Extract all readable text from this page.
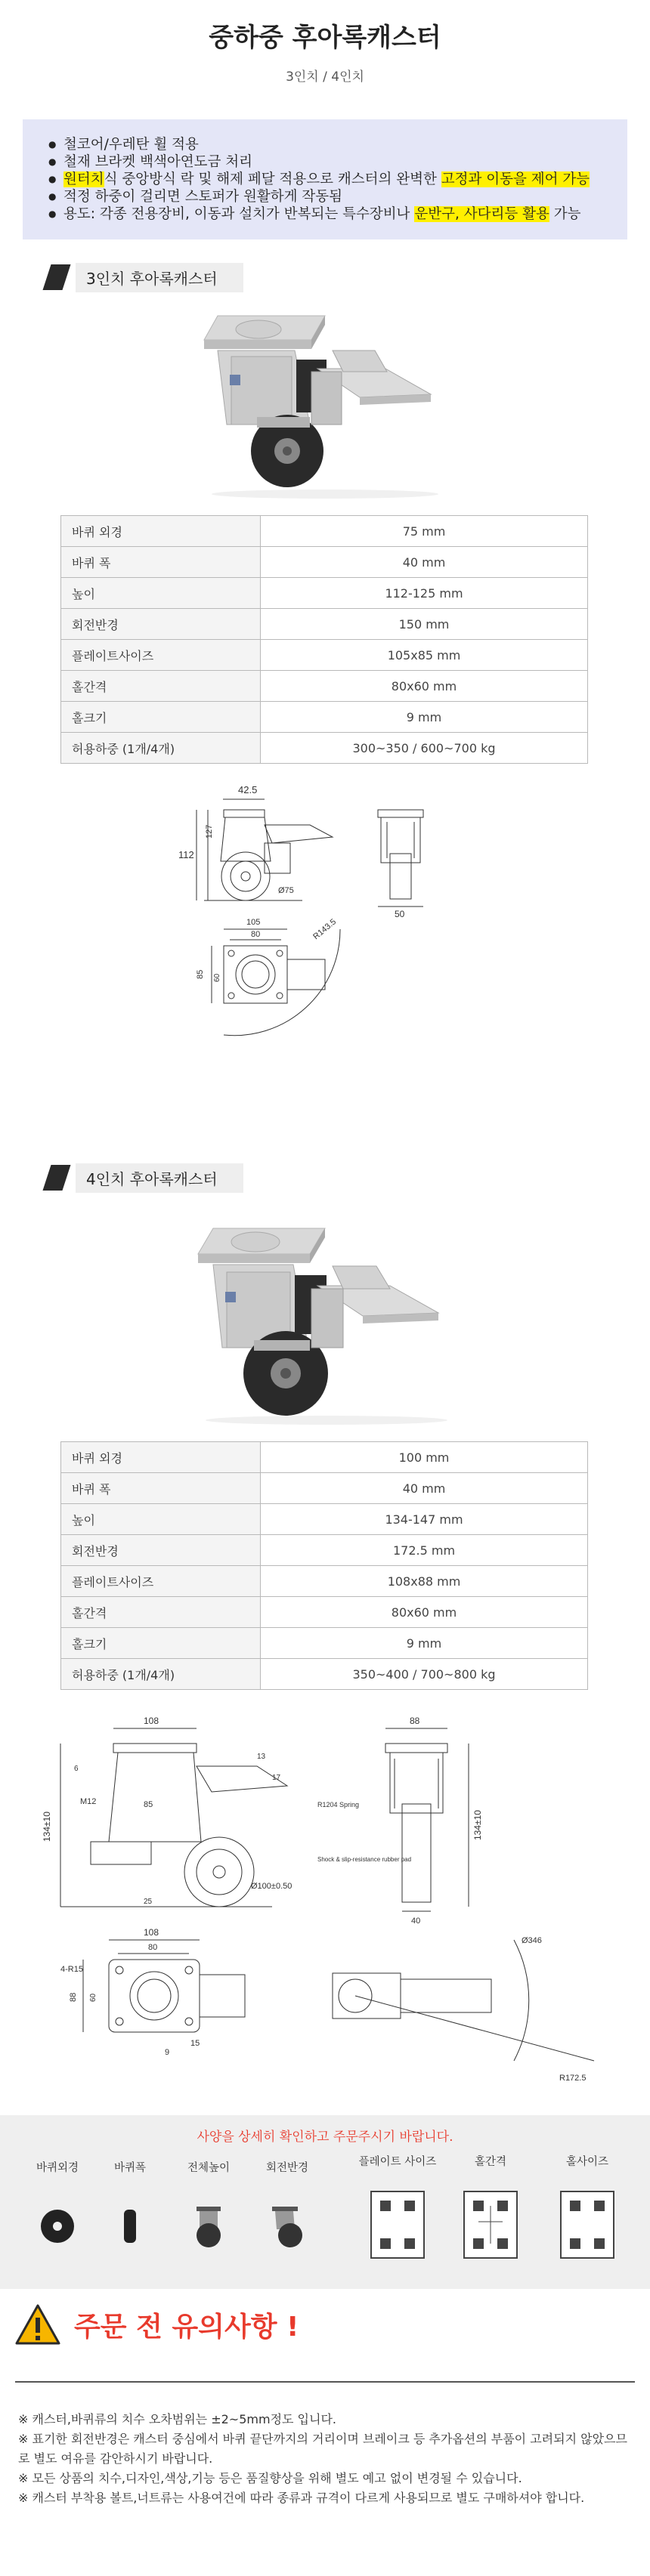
중하중 후아록캐스터
3인치 / 4인치
● 철코어/우레탄 휠 적용
● 철재 브라켓 백색아연도금 처리
● 원터치식 중앙방식 락 및 해제 페달 적용으로 캐스터의 완벽한 고정과 이동을 제어 가능
● 적정 하중이 걸리면 스토퍼가 원활하게 작동됨
● 용도: 각종 전용장비, 이동과 설치가 반복되는 특수장비나 운반구, 사다리등 활용 가능
3인치 후아록캐스터
바퀴 외경	75 mm
바퀴 폭	40 mm
높이	112-125 mm
회전반경	150 mm
플레이트사이즈	105x85 mm
홀간격	80x60 mm
홀크기	9 mm
허용하중 (1개/4개)	300~350 / 600~700 kg
42.5
112
127
Ø75
50
105
80	R143.5
85 60
4인치 후아록캐스터
바퀴 외경	100 mm
바퀴 폭	40 mm
높이	134-147 mm
회전반경	172.5 mm
플레이트사이즈	108x88 mm
홀간격	80x60 mm
홀크기	9 mm
허용하중 (1개/4개)	350~400 / 700~800 kg
108
134±10
M12	85
Ø100±0.50
13
6
17
25
88
R1204 Spring
Shock & slip-resistance rubber pad
134±10
40
108
80
4-R15
88 60
9
15
Ø346
R172.5
사양을 상세히 확인하고 주문주시기 바랍니다.
바퀴외경	바퀴폭	전체높이	회전반경	플레이트 사이즈	홀간격	홀사이즈
주문 전 유의사항 !
※ 캐스터,바퀴류의 치수 오차범위는 ±2~5mm정도 입니다.
※ 표기한 회전반경은 캐스터 중심에서 바퀴 끝단까지의 거리이며 브레이크 등 추가옵션의 부품이 고려되지 않았으므로 별도 여유를 감안하시기 바랍니다.
※ 모든 상품의 치수,디자인,색상,기능 등은 품질향상을 위해 별도 예고 없이 변경될 수 있습니다.
※ 캐스터 부착용 볼트,너트류는 사용여건에 따라 종류과 규격이 다르게 사용되므로 별도 구매하셔야 합니다.
